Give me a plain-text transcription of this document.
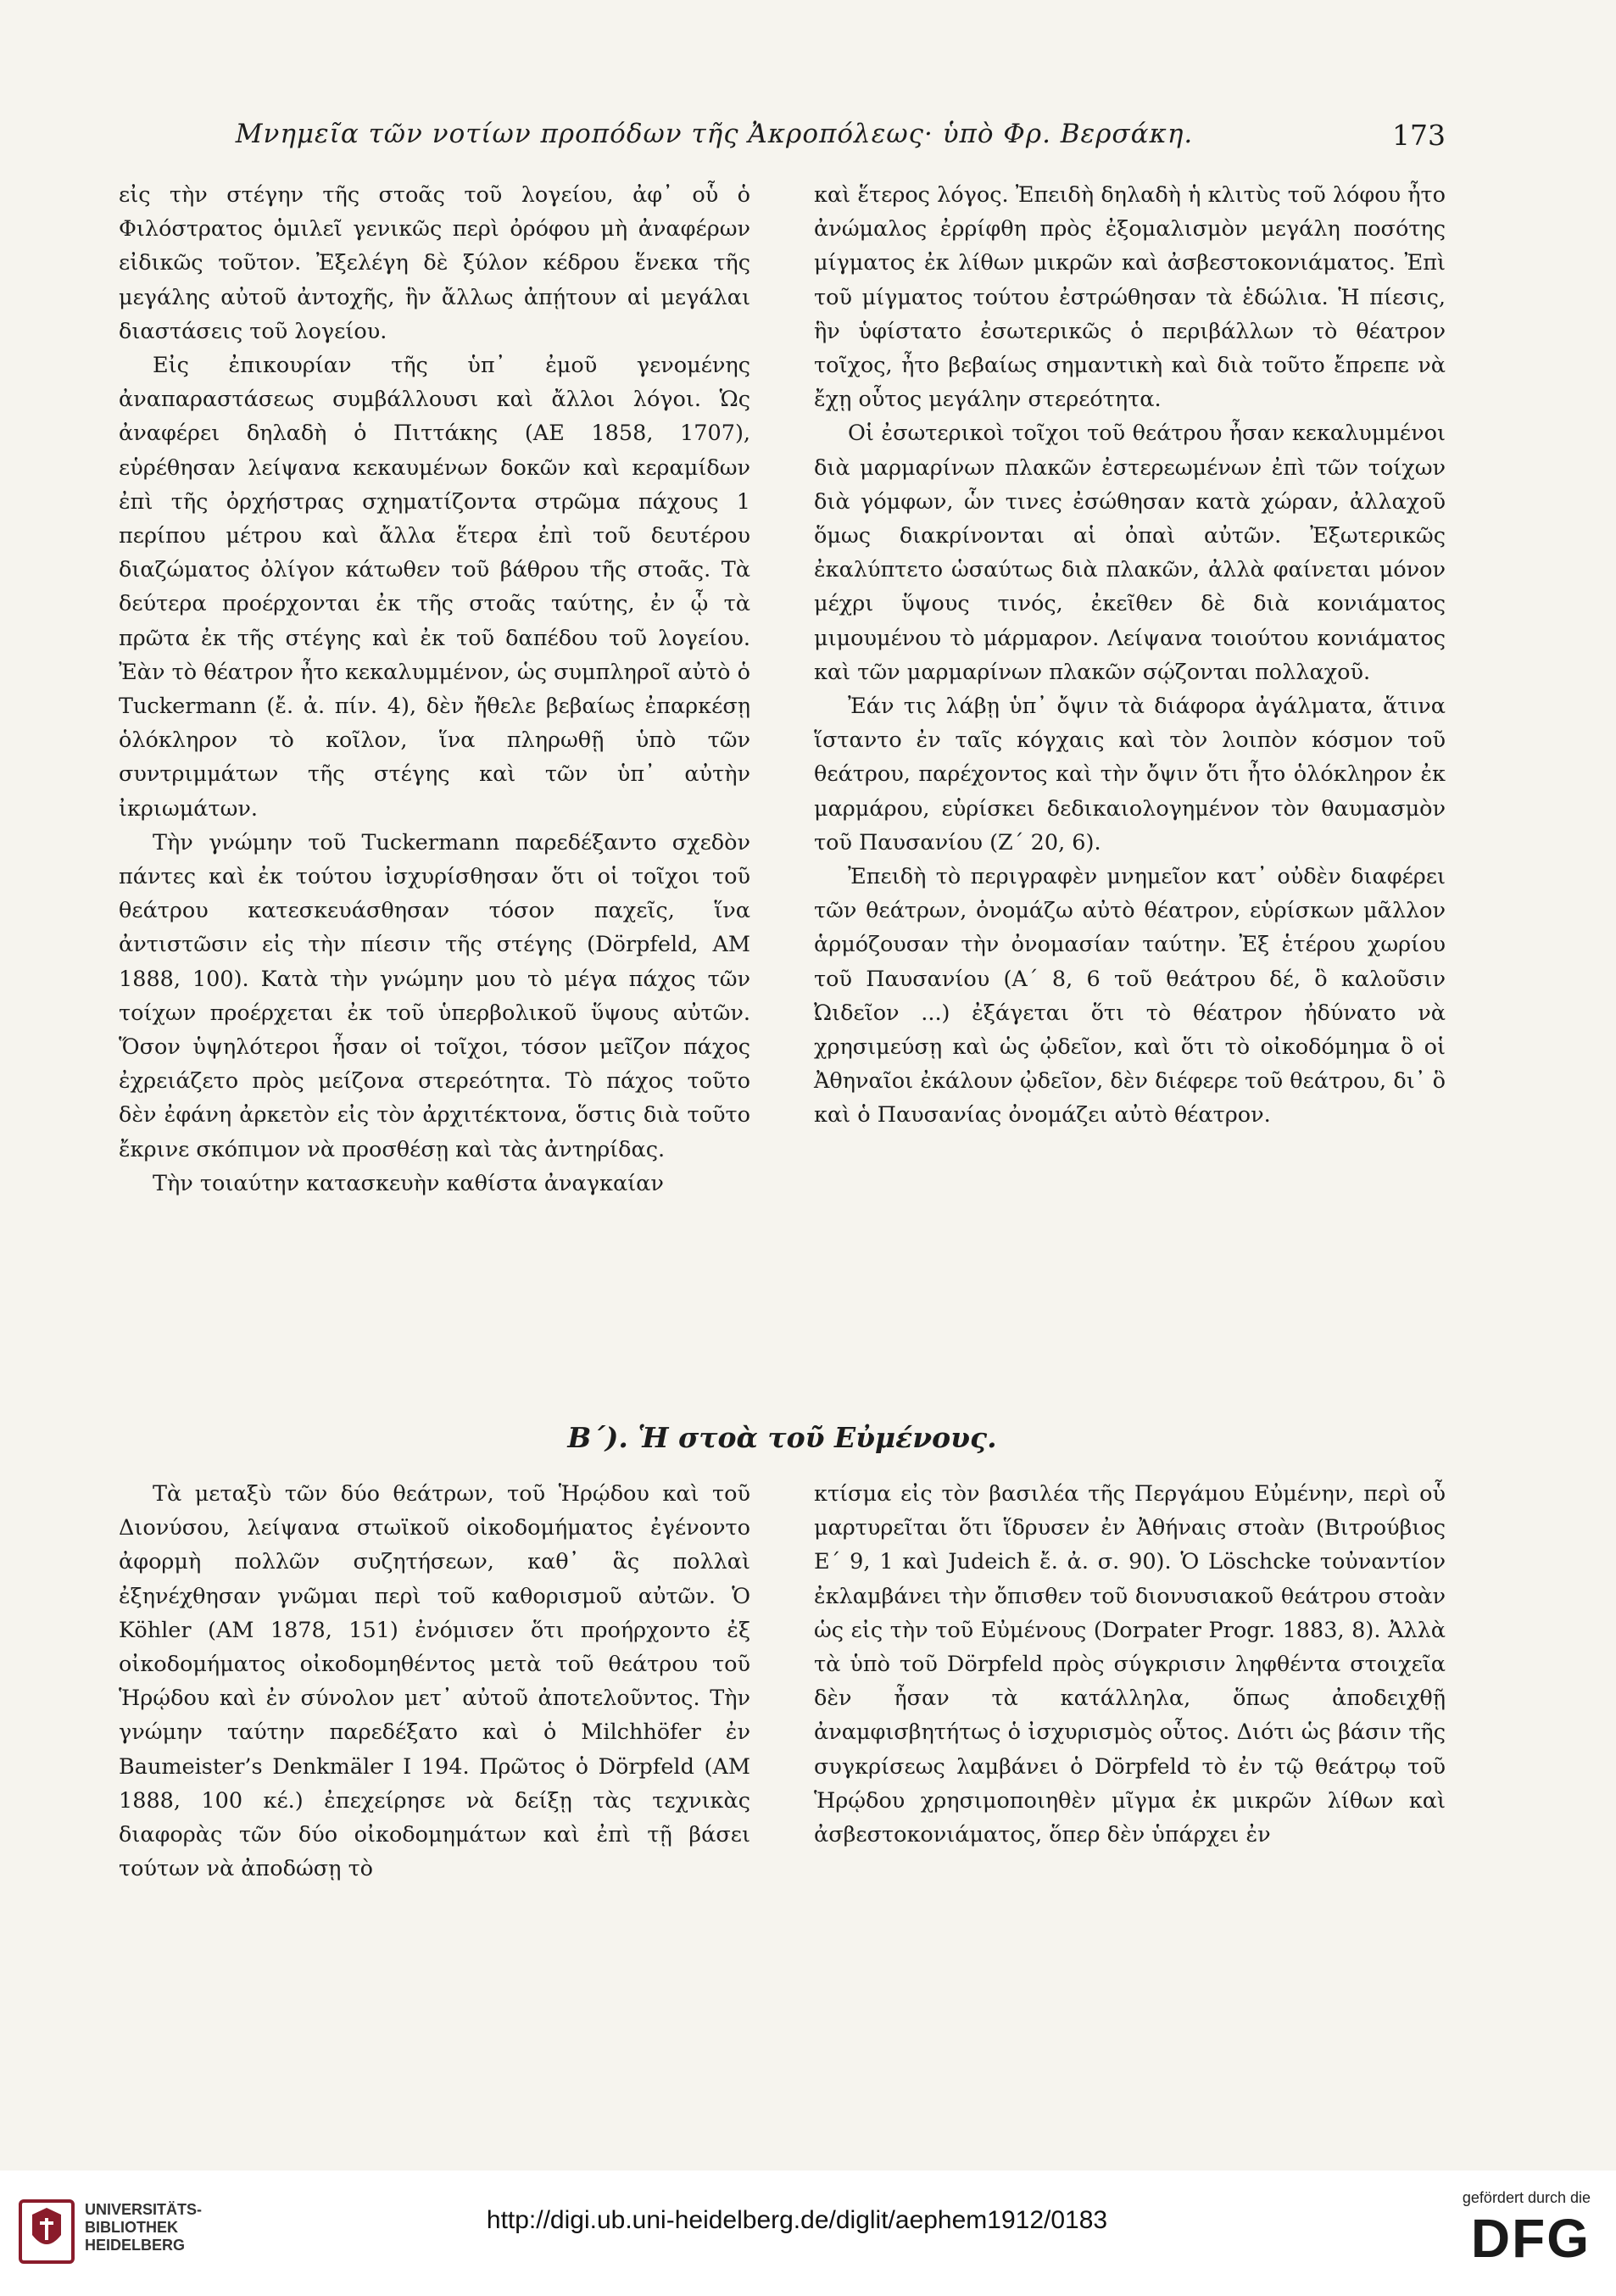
Μνημεῖα τῶν νοτίων προπόδων τῆς Ἀκροπόλεως· ὑπὸ Φρ. Βερσάκη.	173

εἰς τὴν στέγην τῆς στοᾶς τοῦ λογείου, ἀφ᾿ οὗ ὁ Φιλόστρατος ὁμιλεῖ γενικῶς περὶ ὀρόφου μὴ ἀναφέρων εἰδικῶς τοῦτον. Ἐξελέγη δὲ ξύλον κέδρου ἕνεκα τῆς μεγάλης αὐτοῦ ἀντοχῆς, ἣν ἄλλως ἀπῄτουν αἱ μεγάλαι διαστάσεις τοῦ λογείου.

Εἰς ἐπικουρίαν τῆς ὑπ᾿ ἐμοῦ γενομένης ἀναπαραστάσεως συμβάλλουσι καὶ ἄλλοι λόγοι. Ὡς ἀναφέρει δηλαδὴ ὁ Πιττάκης (ΑΕ 1858, 1707), εὑρέθησαν λείψανα κεκαυμένων δοκῶν καὶ κεραμίδων ἐπὶ τῆς ὀρχήστρας σχηματίζοντα στρῶμα πάχους 1 περίπου μέτρου καὶ ἄλλα ἕτερα ἐπὶ τοῦ δευτέρου διαζώματος ὀλίγον κάτωθεν τοῦ βάθρου τῆς στοᾶς. Τὰ δεύτερα προέρχονται ἐκ τῆς στοᾶς ταύτης, ἐν ᾧ τὰ πρῶτα ἐκ τῆς στέγης καὶ ἐκ τοῦ δαπέδου τοῦ λογείου. Ἐὰν τὸ θέατρον ἦτο κεκαλυμμένον, ὡς συμπληροῖ αὐτὸ ὁ Tuckermann (ἔ. ἀ. πίν. 4), δὲν ἤθελε βεβαίως ἐπαρκέσῃ ὁλόκληρον τὸ κοῖλον, ἵνα πληρωθῇ ὑπὸ τῶν συντριμμάτων τῆς στέγης καὶ τῶν ὑπ᾿ αὐτὴν ἰκριωμάτων.

Τὴν γνώμην τοῦ Tuckermann παρεδέξαντο σχεδὸν πάντες καὶ ἐκ τούτου ἰσχυρίσθησαν ὅτι οἱ τοῖχοι τοῦ θεάτρου κατεσκευάσθησαν τόσον παχεῖς, ἵνα ἀντιστῶσιν εἰς τὴν πίεσιν τῆς στέγης (Dörpfeld, AM 1888, 100). Κατὰ τὴν γνώμην μου τὸ μέγα πάχος τῶν τοίχων προέρχεται ἐκ τοῦ ὑπερβολικοῦ ὕψους αὐτῶν. Ὅσον ὑψηλότεροι ἦσαν οἱ τοῖχοι, τόσον μεῖζον πάχος ἐχρειάζετο πρὸς μείζονα στερεότητα. Τὸ πάχος τοῦτο δὲν ἐφάνη ἀρκετὸν εἰς τὸν ἀρχιτέκτονα, ὅστις διὰ τοῦτο ἔκρινε σκόπιμον νὰ προσθέσῃ καὶ τὰς ἀντηρίδας.

Τὴν τοιαύτην κατασκευὴν καθίστα ἀναγκαίαν

καὶ ἕτερος λόγος. Ἐπειδὴ δηλαδὴ ἡ κλιτὺς τοῦ λόφου ἦτο ἀνώμαλος ἐρρίφθη πρὸς ἐξομαλισμὸν μεγάλη ποσότης μίγματος ἐκ λίθων μικρῶν καὶ ἀσβεστοκονιάματος. Ἐπὶ τοῦ μίγματος τούτου ἐστρώθησαν τὰ ἑδώλια. Ἡ πίεσις, ἣν ὑφίστατο ἐσωτερικῶς ὁ περιβάλλων τὸ θέατρον τοῖχος, ἦτο βεβαίως σημαντικὴ καὶ διὰ τοῦτο ἔπρεπε νὰ ἔχῃ οὗτος μεγάλην στερεότητα.

Οἱ ἐσωτερικοὶ τοῖχοι τοῦ θεάτρου ἦσαν κεκαλυμμένοι διὰ μαρμαρίνων πλακῶν ἐστερεωμένων ἐπὶ τῶν τοίχων διὰ γόμφων, ὧν τινες ἐσώθησαν κατὰ χώραν, ἀλλαχοῦ ὅμως διακρίνονται αἱ ὀπαὶ αὐτῶν. Ἐξωτερικῶς ἐκαλύπτετο ὡσαύτως διὰ πλακῶν, ἀλλὰ φαίνεται μόνον μέχρι ὕψους τινός, ἐκεῖθεν δὲ διὰ κονιάματος μιμουμένου τὸ μάρμαρον. Λείψανα τοιούτου κονιάματος καὶ τῶν μαρμαρίνων πλακῶν σῴζονται πολλαχοῦ.

Ἐάν τις λάβῃ ὑπ᾿ ὄψιν τὰ διάφορα ἀγάλματα, ἅτινα ἵσταντο ἐν ταῖς κόγχαις καὶ τὸν λοιπὸν κόσμον τοῦ θεάτρου, παρέχοντος καὶ τὴν ὄψιν ὅτι ἦτο ὁλόκληρον ἐκ μαρμάρου, εὑρίσκει δεδικαιολογημένον τὸν θαυμασμὸν τοῦ Παυσανίου (Ζ΄ 20, 6).

Ἐπειδὴ τὸ περιγραφὲν μνημεῖον κατ᾿ οὐδὲν διαφέρει τῶν θεάτρων, ὀνομάζω αὐτὸ θέατρον, εὑρίσκων μᾶλλον ἁρμόζουσαν τὴν ὀνομασίαν ταύτην. Ἐξ ἑτέρου χωρίου τοῦ Παυσανίου (Α΄ 8, 6 τοῦ θεάτρου δέ, ὃ καλοῦσιν Ὠιδεῖον ...) ἐξάγεται ὅτι τὸ θέατρον ἠδύνατο νὰ χρησιμεύσῃ καὶ ὡς ᾠδεῖον, καὶ ὅτι τὸ οἰκοδόμημα ὃ οἱ Ἀθηναῖοι ἐκάλουν ᾠδεῖον, δὲν διέφερε τοῦ θεάτρου, δι᾿ ὃ καὶ ὁ Παυσανίας ὀνομάζει αὐτὸ θέατρον.

Β΄). Ἡ στοὰ τοῦ Εὐμένους.

Τὰ μεταξὺ τῶν δύο θεάτρων, τοῦ Ἡρῴδου καὶ τοῦ Διονύσου, λείψανα στωϊκοῦ οἰκοδομήματος ἐγένοντο ἀφορμὴ πολλῶν συζητήσεων, καθ᾿ ἃς πολλαὶ ἐξηνέχθησαν γνῶμαι περὶ τοῦ καθορισμοῦ αὐτῶν. Ὁ Köhler (AM 1878, 151) ἐνόμισεν ὅτι προήρχοντο ἐξ οἰκοδομήματος οἰκοδομηθέντος μετὰ τοῦ θεάτρου τοῦ Ἡρῴδου καὶ ἐν σύνολον μετ᾿ αὐτοῦ ἀποτελοῦντος. Τὴν γνώμην ταύτην παρεδέξατο καὶ ὁ Milchhöfer ἐν Baumeister’s Denkmäler I 194. Πρῶτος ὁ Dörpfeld (AM 1888, 100 κέ.) ἐπεχείρησε νὰ δείξῃ τὰς τεχνικὰς διαφορὰς τῶν δύο οἰκοδομημάτων καὶ ἐπὶ τῇ βάσει τούτων νὰ ἀποδώσῃ τὸ

κτίσμα εἰς τὸν βασιλέα τῆς Περγάμου Εὐμένην, περὶ οὗ μαρτυρεῖται ὅτι ἵδρυσεν ἐν Ἀθήναις στοὰν (Βιτρούβιος Ε΄ 9, 1 καὶ Judeich ἔ. ἀ. σ. 90). Ὁ Löschcke τοὐναντίον ἐκλαμβάνει τὴν ὄπισθεν τοῦ διονυσιακοῦ θεάτρου στοὰν ὡς εἰς τὴν τοῦ Εὐμένους (Dorpater Progr. 1883, 8). Ἀλλὰ τὰ ὑπὸ τοῦ Dörpfeld πρὸς σύγκρισιν ληφθέντα στοιχεῖα δὲν ἦσαν τὰ κατάλληλα, ὅπως ἀποδειχθῇ ἀναμφισβητήτως ὁ ἰσχυρισμὸς οὗτος. Διότι ὡς βάσιν τῆς συγκρίσεως λαμβάνει ὁ Dörpfeld τὸ ἐν τῷ θεάτρῳ τοῦ Ἡρῴδου χρησιμοποιηθὲν μῖγμα ἐκ μικρῶν λίθων καὶ ἀσβεστοκονιάματος, ὅπερ δὲν ὑπάρχει ἐν

UNIVERSITÄTS-
BIBLIOTHEK
HEIDELBERG
http://digi.ub.uni-heidelberg.de/diglit/aephem1912/0183
gefördert durch die
DFG
